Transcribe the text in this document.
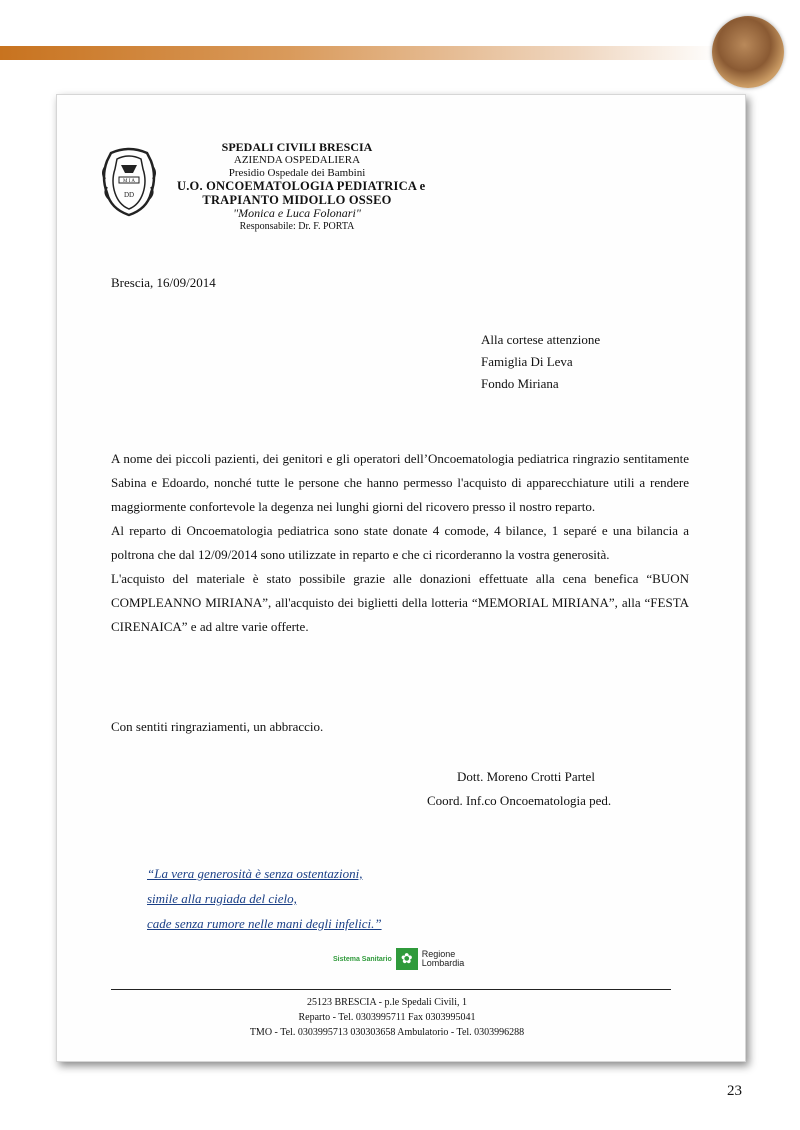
M I A
DD
SPEDALI CIVILI BRESCIA
AZIENDA OSPEDALIERA
Presidio Ospedale dei Bambini
U.O. ONCOEMATOLOGIA PEDIATRICA e
TRAPIANTO MIDOLLO OSSEO
"Monica e Luca Folonari"
Responsabile: Dr. F. PORTA
Brescia, 16/09/2014
Alla cortese attenzione
Famiglia Di Leva
Fondo Miriana

A nome dei piccoli pazienti, dei genitori e gli operatori dell’Oncoematologia pediatrica ringrazio sentitamente Sabina e Edoardo, nonché tutte le persone che hanno permesso l'acquisto di apparecchiature utili a rendere maggiormente confortevole la degenza nei lunghi giorni del ricovero presso il nostro reparto.

Al reparto di Oncoematologia pediatrica sono state donate 4 comode, 4 bilance, 1 separé e una bilancia a poltrona che dal 12/09/2014 sono utilizzate in reparto e che ci ricorderanno la vostra generosità.

L'acquisto del materiale è stato possibile grazie alle donazioni effettuate alla cena benefica “BUON COMPLEANNO MIRIANA”, all'acquisto dei biglietti della lotteria “MEMORIAL MIRIANA”, alla “FESTA CIRENAICA” e ad altre varie offerte.

Con sentiti ringraziamenti, un abbraccio.
Dott. Moreno Crotti Partel
Coord. Inf.co Oncoematologia ped.
“La vera generosità è senza ostentazioni,
simile alla rugiada del cielo,
cade senza rumore nelle mani degli infelici.”
Sistema Sanitario ✿	Regione
Lombardia
25123 BRESCIA - p.le Spedali Civili, 1
Reparto - Tel. 0303995711 Fax 0303995041
TMO - Tel. 0303995713 030303658 Ambulatorio - Tel. 0303996288
23
